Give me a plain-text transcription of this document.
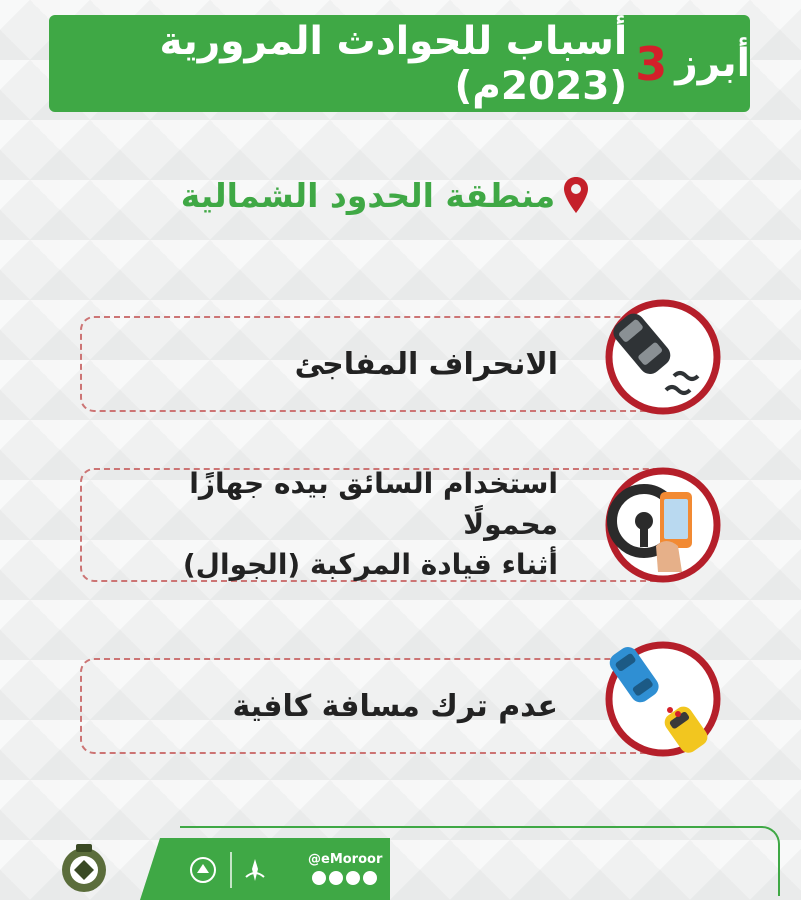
أبرز
3
أسباب للحوادث المرورية (2023م)
منطقة الحدود الشمالية
الانحراف المفاجئ
استخدام السائق بيده جهازًا محمولًا
أثناء قيادة المركبة (الجوال)
عدم ترك مسافة كافية
@eMoroor
